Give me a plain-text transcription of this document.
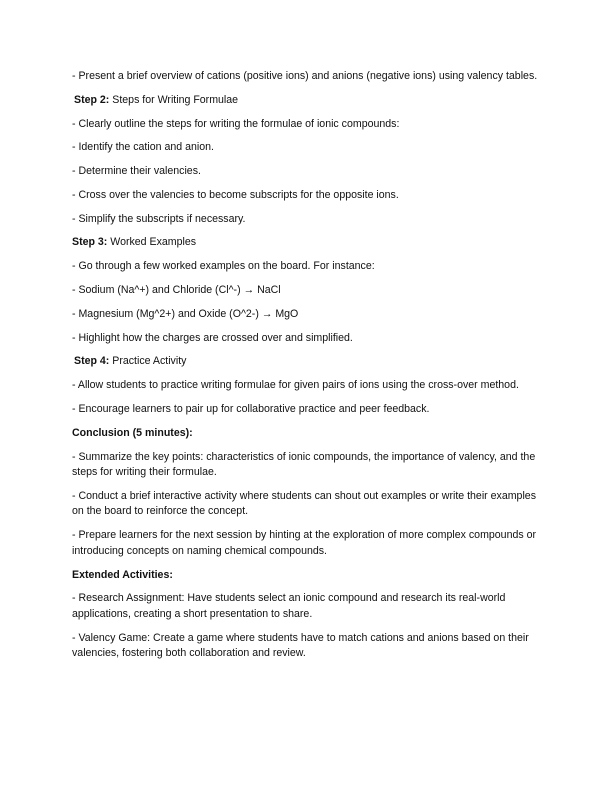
- Present a brief overview of cations (positive ions) and anions (negative ions) using valency tables.

Step 2: Steps for Writing Formulae

- Clearly outline the steps for writing the formulae of ionic compounds:

- Identify the cation and anion.

- Determine their valencies.

- Cross over the valencies to become subscripts for the opposite ions.

- Simplify the subscripts if necessary.

Step 3: Worked Examples

- Go through a few worked examples on the board. For instance:

- Sodium (Na^+) and Chloride (Cl^-) → NaCl

- Magnesium (Mg^2+) and Oxide (O^2-) → MgO

- Highlight how the charges are crossed over and simplified.

Step 4: Practice Activity

- Allow students to practice writing formulae for given pairs of ions using the cross-over method.

- Encourage learners to pair up for collaborative practice and peer feedback.

Conclusion (5 minutes):

- Summarize the key points: characteristics of ionic compounds, the importance of valency, and the steps for writing their formulae.

- Conduct a brief interactive activity where students can shout out examples or write their examples on the board to reinforce the concept.

- Prepare learners for the next session by hinting at the exploration of more complex compounds or introducing concepts on naming chemical compounds.

Extended Activities:

- Research Assignment: Have students select an ionic compound and research its real-world applications, creating a short presentation to share.

- Valency Game: Create a game where students have to match cations and anions based on their valencies, fostering both collaboration and review.
